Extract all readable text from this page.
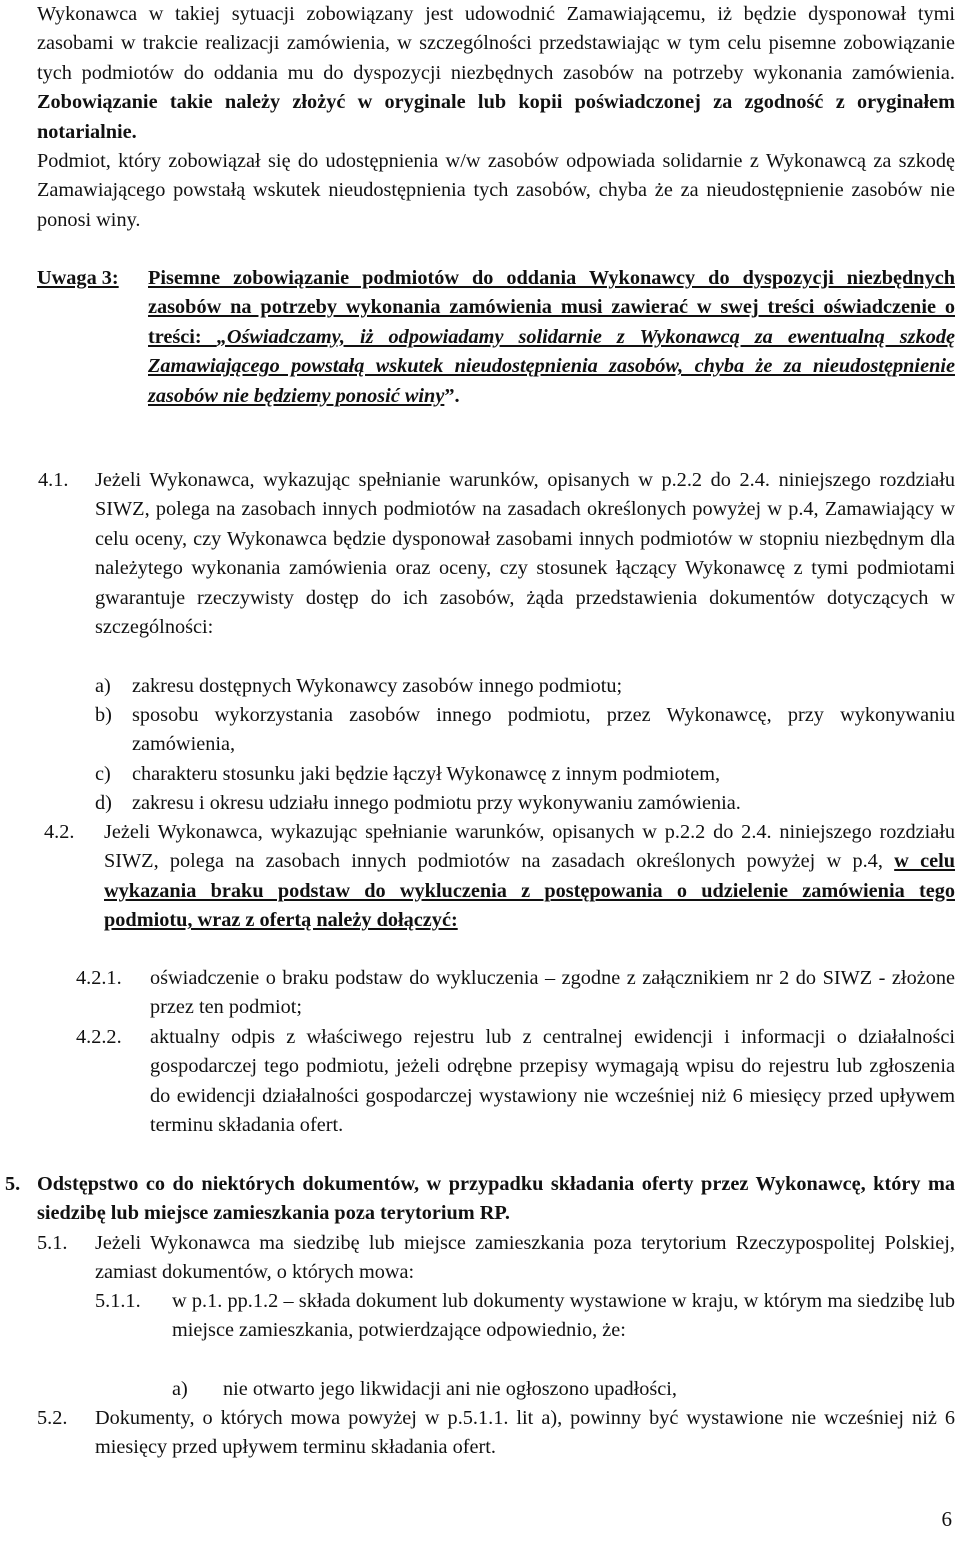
Wykonawca w takiej sytuacji zobowiązany jest udowodnić Zamawiającemu, iż będzie dysponował tymi zasobami w trakcie realizacji zamówienia, w szczególności przedstawiając w tym celu pisemne zobowiązanie tych podmiotów do oddania mu do dyspozycji niezbędnych zasobów na potrzeby wykonania zamówienia. Zobowiązanie takie należy złożyć w oryginale lub kopii poświadczonej za zgodność z oryginałem notarialnie.
Podmiot, który zobowiązał się do udostępnienia w/w zasobów odpowiada solidarnie z Wykonawcą za szkodę Zamawiającego powstałą wskutek nieudostępnienia tych zasobów, chyba że za nieudostępnienie zasobów nie ponosi winy.
Uwaga 3: Pisemne zobowiązanie podmiotów do oddania Wykonawcy do dyspozycji niezbędnych zasobów na potrzeby wykonania zamówienia musi zawierać w swej treści oświadczenie o treści: „Oświadczamy, iż odpowiadamy solidarnie z Wykonawcą za ewentualną szkodę Zamawiającego powstałą wskutek nieudostępnienia zasobów, chyba że za nieudostępnienie zasobów nie będziemy ponosić winy”.
4.1. Jeżeli Wykonawca, wykazując spełnianie warunków, opisanych w p.2.2 do 2.4. niniejszego rozdziału SIWZ, polega na zasobach innych podmiotów na zasadach określonych powyżej w p.4, Zamawiający w celu oceny, czy Wykonawca będzie dysponował zasobami innych podmiotów w stopniu niezbędnym dla należytego wykonania zamówienia oraz oceny, czy stosunek łączący Wykonawcę z tymi podmiotami gwarantuje rzeczywisty dostęp do ich zasobów, żąda przedstawienia dokumentów dotyczących w szczególności:
a) zakresu dostępnych Wykonawcy zasobów innego podmiotu;
b) sposobu wykorzystania zasobów innego podmiotu, przez Wykonawcę, przy wykonywaniu zamówienia,
c) charakteru stosunku jaki będzie łączył Wykonawcę z innym podmiotem,
d) zakresu i okresu udziału innego podmiotu przy wykonywaniu zamówienia.
4.2. Jeżeli Wykonawca, wykazując spełnianie warunków, opisanych w p.2.2 do 2.4. niniejszego rozdziału SIWZ, polega na zasobach innych podmiotów na zasadach określonych powyżej w p.4, w celu wykazania braku podstaw do wykluczenia z postępowania o udzielenie zamówienia tego podmiotu, wraz z ofertą należy dołączyć:
4.2.1. oświadczenie o braku podstaw do wykluczenia – zgodne z załącznikiem nr 2 do SIWZ - złożone przez ten podmiot;
4.2.2. aktualny odpis z właściwego rejestru lub z centralnej ewidencji i informacji o działalności gospodarczej tego podmiotu, jeżeli odrębne przepisy wymagają wpisu do rejestru lub zgłoszenia do ewidencji działalności gospodarczej wystawiony nie wcześniej niż 6 miesięcy przed upływem terminu składania ofert.
5. Odstępstwo co do niektórych dokumentów, w przypadku składania oferty przez Wykonawcę, który ma siedzibę lub miejsce zamieszkania poza terytorium RP.
5.1. Jeżeli Wykonawca ma siedzibę lub miejsce zamieszkania poza terytorium Rzeczypospolitej Polskiej, zamiast dokumentów, o których mowa:
5.1.1. w p.1. pp.1.2 – składa dokument lub dokumenty wystawione w kraju, w którym ma siedzibę lub miejsce zamieszkania, potwierdzające odpowiednio, że:
a) nie otwarto jego likwidacji ani nie ogłoszono upadłości,
5.2. Dokumenty, o których mowa powyżej w p.5.1.1. lit a), powinny być wystawione nie wcześniej niż 6 miesięcy przed upływem terminu składania ofert.
6
